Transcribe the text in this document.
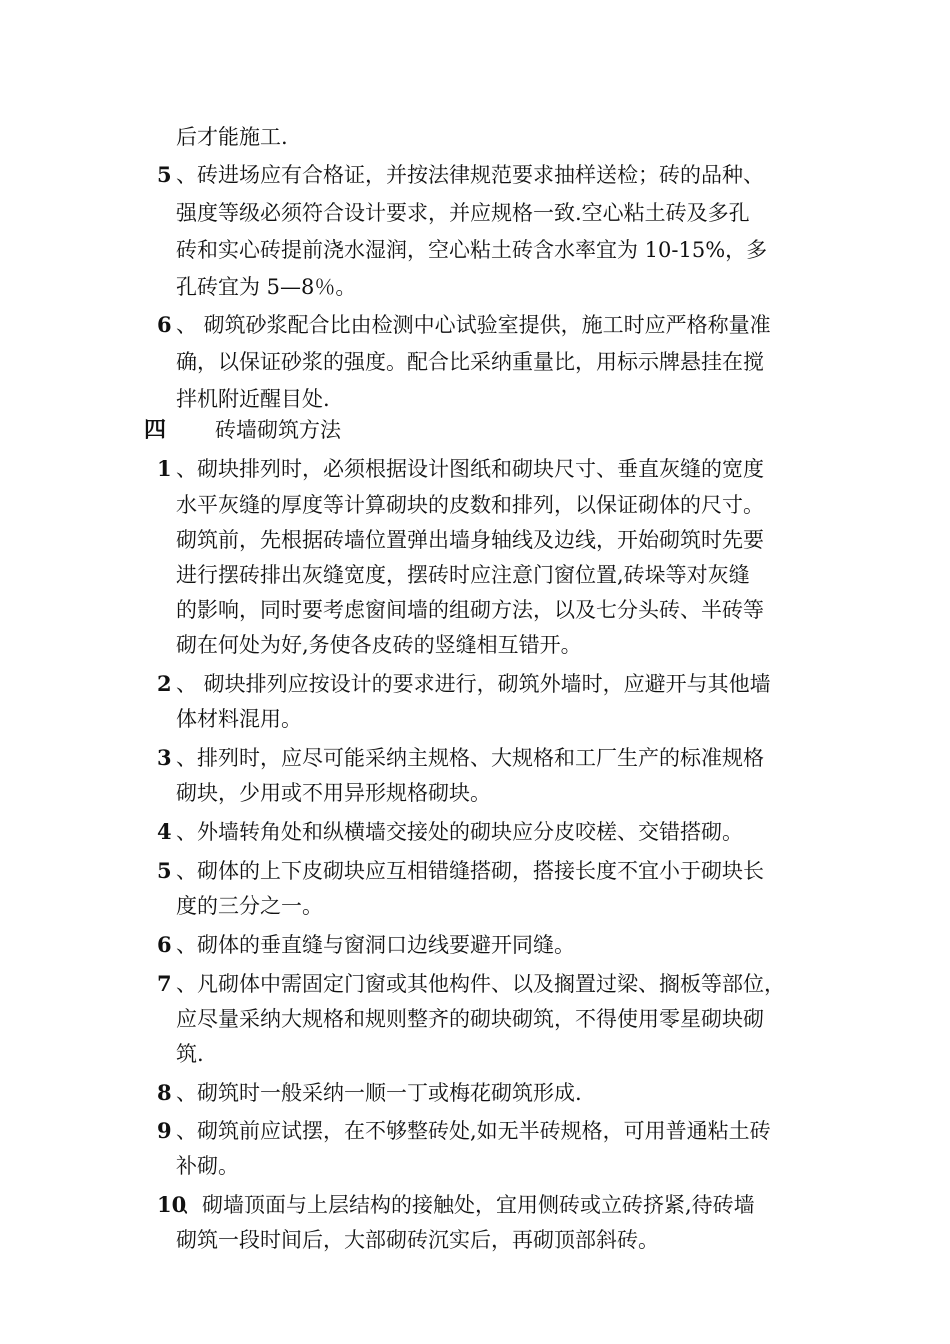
后才能施工.
5 、砖进场应有合格证，并按法律规范要求抽样送检；砖的品种、
强度等级必须符合设计要求，并应规格一致.空心粘土砖及多孔
砖和实心砖提前浇水湿润，空心粘土砖含水率宜为 10-15%，多
孔砖宜为 5—8％。
6 、 砌筑砂浆配合比由检测中心试验室提供，施工时应严格称量准
确，以保证砂浆的强度。配合比采纳重量比，用标示牌悬挂在搅
拌机附近醒目处.
四 砖墙砌筑方法
1 、砌块排列时，必须根据设计图纸和砌块尺寸、垂直灰缝的宽度
水平灰缝的厚度等计算砌块的皮数和排列，以保证砌体的尺寸。
砌筑前，先根据砖墙位置弹出墙身轴线及边线，开始砌筑时先要
进行摆砖排出灰缝宽度，摆砖时应注意门窗位置,砖垛等对灰缝
的影响，同时要考虑窗间墙的组砌方法，以及七分头砖、半砖等
砌在何处为好,务使各皮砖的竖缝相互错开。
2 、 砌块排列应按设计的要求进行，砌筑外墙时，应避开与其他墙
体材料混用。
3 、排列时，应尽可能采纳主规格、大规格和工厂生产的标准规格
砌块，少用或不用异形规格砌块。
4 、外墙转角处和纵横墙交接处的砌块应分皮咬槎、交错搭砌。
5 、砌体的上下皮砌块应互相错缝搭砌，搭接长度不宜小于砌块长
度的三分之一。
6 、砌体的垂直缝与窗洞口边线要避开同缝。
7 、凡砌体中需固定门窗或其他构件、以及搁置过梁、搁板等部位，
应尽量采纳大规格和规则整齐的砌块砌筑，不得使用零星砌块砌
筑.
8 、砌筑时一般采纳一顺一丁或梅花砌筑形成.
9 、砌筑前应试摆，在不够整砖处,如无半砖规格，可用普通粘土砖
补砌。
10
、砌墙顶面与上层结构的接触处，宜用侧砖或立砖挤紧,待砖墙
砌筑一段时间后，大部砌砖沉实后，再砌顶部斜砖。
